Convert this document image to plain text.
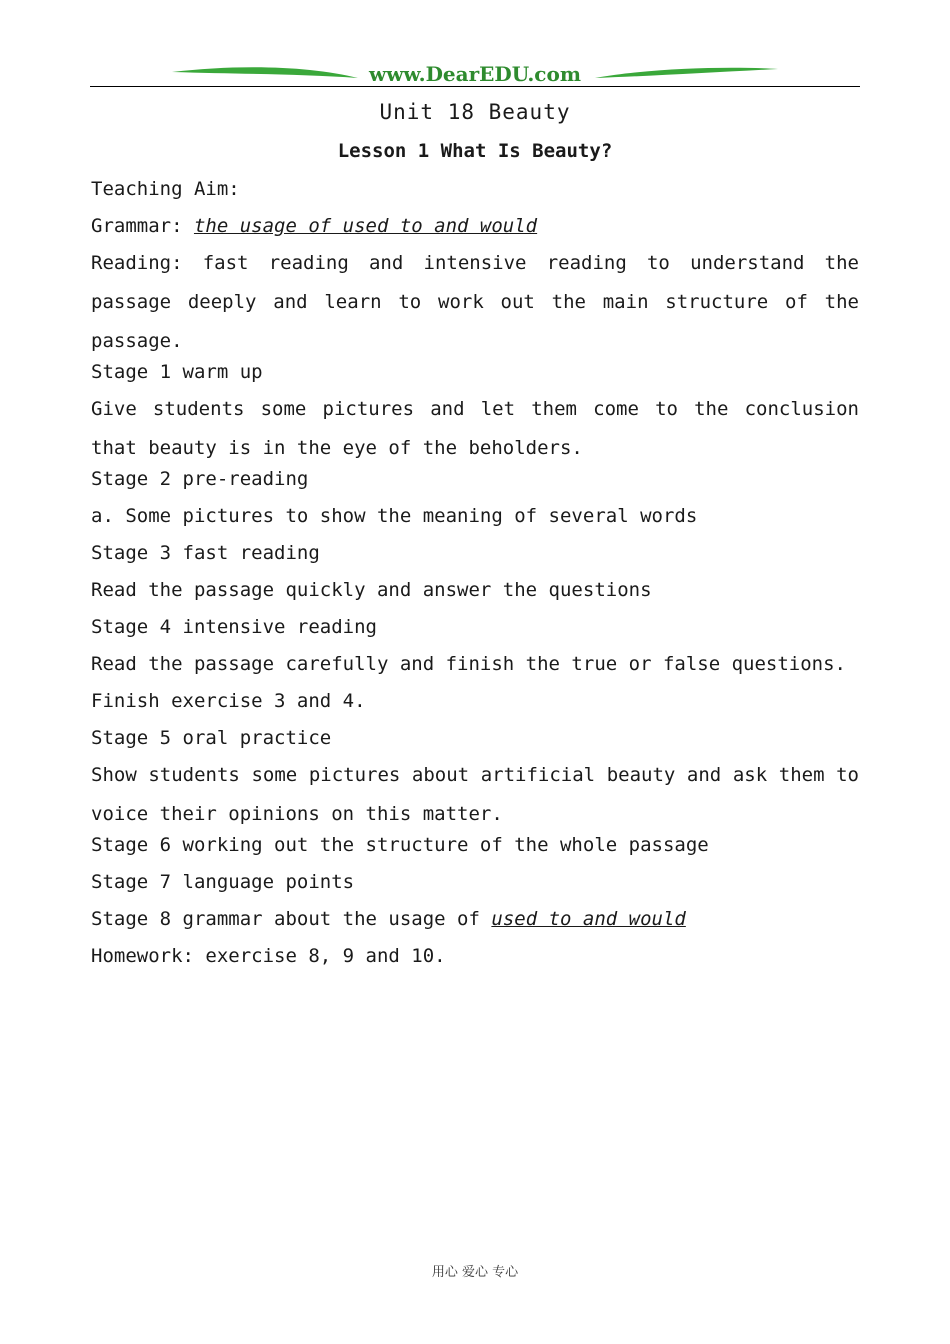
www.DearEDU.com
Unit 18 Beauty
Lesson 1 What Is Beauty?
Teaching Aim:
Grammar: the usage of used to and would
Reading: fast reading and intensive reading to understand the passage deeply and learn to work out the main structure of the passage.
Stage 1 warm up
Give students some pictures and let them come to the conclusion that beauty is in the eye of the beholders.
Stage 2 pre-reading
a. Some pictures to show the meaning of several words
Stage 3 fast reading
Read the passage quickly and answer the questions
Stage 4 intensive reading
Read the passage carefully and finish the true or false questions.
Finish exercise 3 and 4.
Stage 5 oral practice
Show students some pictures about artificial beauty and ask them to voice their opinions on this matter.
Stage 6 working out the structure of the whole passage
Stage 7 language points
Stage 8 grammar about the usage of used to and would
Homework: exercise 8, 9 and 10.
用心 爱心 专心
